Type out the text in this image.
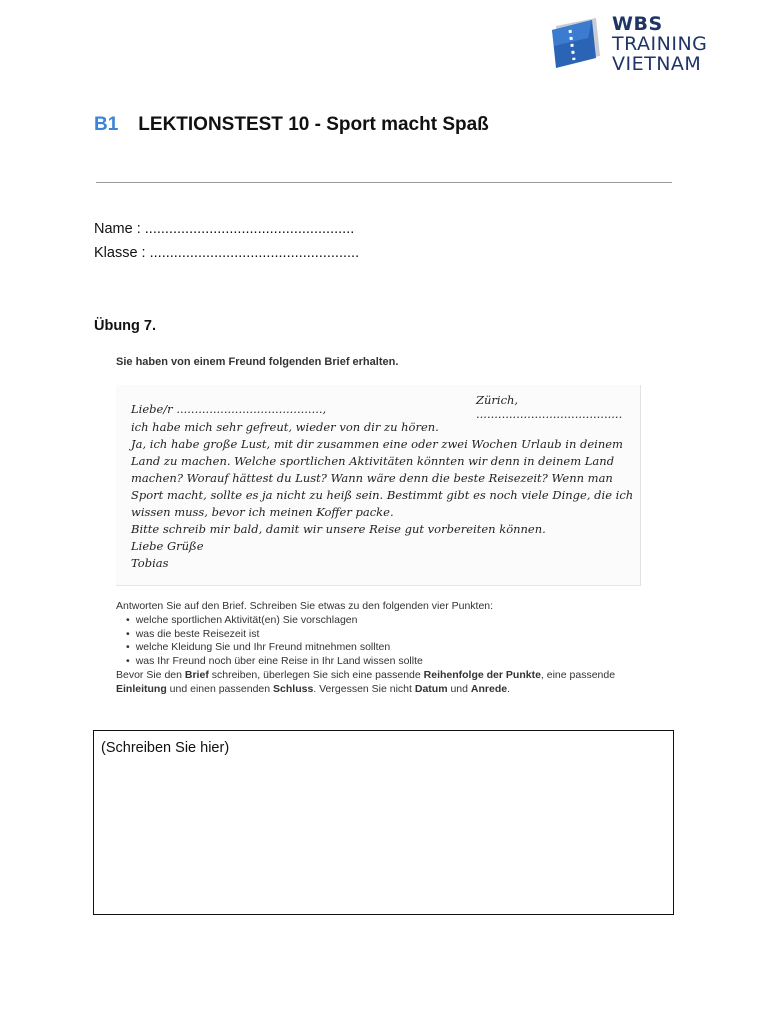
WBS
TRAINING
VIETNAM
B1 LEKTIONSTEST 10 - Sport macht Spaß
Name : ....................................................
Klasse : ....................................................
Übung 7.
Sie haben von einem Freund folgenden Brief erhalten.
Zürich, ........................................
Liebe/r ........................................,
ich habe mich sehr gefreut, wieder von dir zu hören.
Ja, ich habe große Lust, mit dir zusammen eine oder zwei Wochen Urlaub in deinem
Land zu machen. Welche sportlichen Aktivitäten könnten wir denn in deinem Land
machen? Worauf hättest du Lust? Wann wäre denn die beste Reisezeit? Wenn man
Sport macht, sollte es ja nicht zu heiß sein. Bestimmt gibt es noch viele Dinge, die ich
wissen muss, bevor ich meinen Koffer packe.
Bitte schreib mir bald, damit wir unsere Reise gut vorbereiten können.
Liebe Grüße
Tobias
Antworten Sie auf den Brief. Schreiben Sie etwas zu den folgenden vier Punkten:
• welche sportlichen Aktivität(en) Sie vorschlagen
• was die beste Reisezeit ist
• welche Kleidung Sie und Ihr Freund mitnehmen sollten
• was Ihr Freund noch über eine Reise in Ihr Land wissen sollte
Bevor Sie den Brief schreiben, überlegen Sie sich eine passende Reihenfolge der Punkte, eine passende
Einleitung und einen passenden Schluss. Vergessen Sie nicht Datum und Anrede.
(Schreiben Sie hier)
